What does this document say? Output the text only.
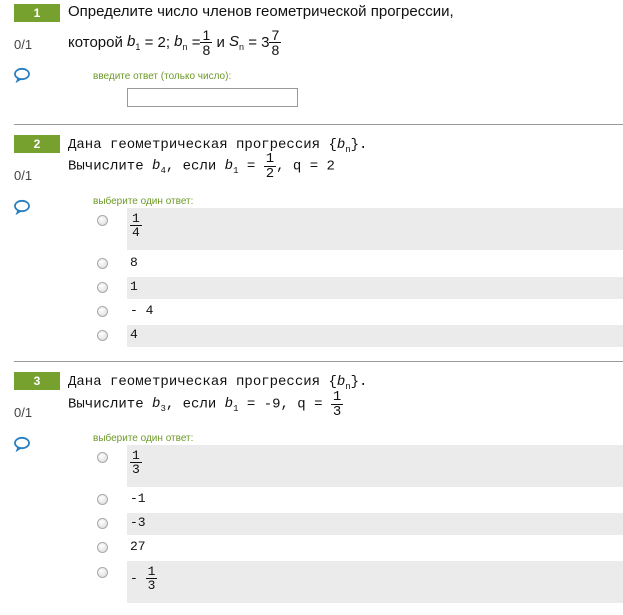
1	Определите число членов геометрической прогрессии,
0/1 которой $b_1 = 2$; $b_n = \frac{1}{8}$ и $S_n = 3 \frac{7}{8}$
введите ответ (только число):
2	Дана геометрическая прогрессия $\{b_n\}$.
0/1
Вычислите $b_4$, если $b_1 = \frac{1}{2}$ , q = 2
выберите один ответ:
$\frac{1}{4}$
8
1
- 4
4
3	Дана геометрическая прогрессия $\{b_n\}$.
0/1	Вычислите $b_3$, если $b_1 = -9$, $q = \frac{1}{3}$
выберите один ответ:
$\frac{1}{3}$
-1
-3
27
- $\frac{1}{3}$
